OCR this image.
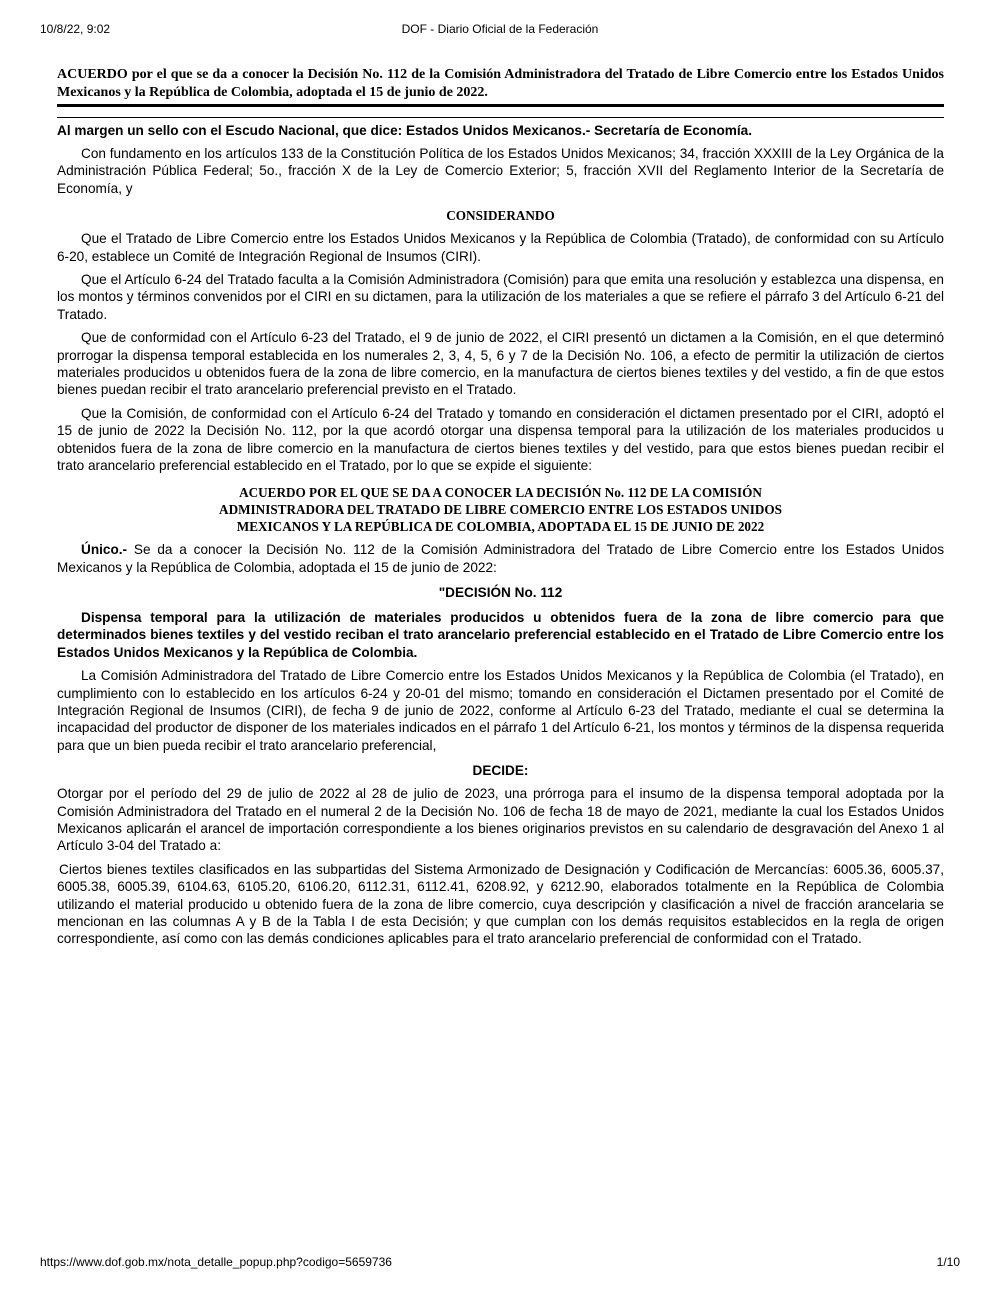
10/8/22, 9:02	DOF - Diario Oficial de la Federación
ACUERDO por el que se da a conocer la Decisión No. 112 de la Comisión Administradora del Tratado de Libre Comercio entre los Estados Unidos Mexicanos y la República de Colombia, adoptada el 15 de junio de 2022.
Al margen un sello con el Escudo Nacional, que dice: Estados Unidos Mexicanos.- Secretaría de Economía.

Con fundamento en los artículos 133 de la Constitución Política de los Estados Unidos Mexicanos; 34, fracción XXXIII de la Ley Orgánica de la Administración Pública Federal; 5o., fracción X de la Ley de Comercio Exterior; 5, fracción XVII del Reglamento Interior de la Secretaría de Economía, y

CONSIDERANDO

Que el Tratado de Libre Comercio entre los Estados Unidos Mexicanos y la República de Colombia (Tratado), de conformidad con su Artículo 6-20, establece un Comité de Integración Regional de Insumos (CIRI).

Que el Artículo 6-24 del Tratado faculta a la Comisión Administradora (Comisión) para que emita una resolución y establezca una dispensa, en los montos y términos convenidos por el CIRI en su dictamen, para la utilización de los materiales a que se refiere el párrafo 3 del Artículo 6-21 del Tratado.

Que de conformidad con el Artículo 6-23 del Tratado, el 9 de junio de 2022, el CIRI presentó un dictamen a la Comisión, en el que determinó prorrogar la dispensa temporal establecida en los numerales 2, 3, 4, 5, 6 y 7 de la Decisión No. 106, a efecto de permitir la utilización de ciertos materiales producidos u obtenidos fuera de la zona de libre comercio, en la manufactura de ciertos bienes textiles y del vestido, a fin de que estos bienes puedan recibir el trato arancelario preferencial previsto en el Tratado.

Que la Comisión, de conformidad con el Artículo 6-24 del Tratado y tomando en consideración el dictamen presentado por el CIRI, adoptó el 15 de junio de 2022 la Decisión No. 112, por la que acordó otorgar una dispensa temporal para la utilización de los materiales producidos u obtenidos fuera de la zona de libre comercio en la manufactura de ciertos bienes textiles y del vestido, para que estos bienes puedan recibir el trato arancelario preferencial establecido en el Tratado, por lo que se expide el siguiente:

ACUERDO POR EL QUE SE DA A CONOCER LA DECISIÓN No. 112 DE LA COMISIÓN
ADMINISTRADORA DEL TRATADO DE LIBRE COMERCIO ENTRE LOS ESTADOS UNIDOS
MEXICANOS Y LA REPÚBLICA DE COLOMBIA, ADOPTADA EL 15 DE JUNIO DE 2022

Único.- Se da a conocer la Decisión No. 112 de la Comisión Administradora del Tratado de Libre Comercio entre los Estados Unidos Mexicanos y la República de Colombia, adoptada el 15 de junio de 2022:

"DECISIÓN No. 112

Dispensa temporal para la utilización de materiales producidos u obtenidos fuera de la zona de libre comercio para que determinados bienes textiles y del vestido reciban el trato arancelario preferencial establecido en el Tratado de Libre Comercio entre los Estados Unidos Mexicanos y la República de Colombia.

La Comisión Administradora del Tratado de Libre Comercio entre los Estados Unidos Mexicanos y la República de Colombia (el Tratado), en cumplimiento con lo establecido en los artículos 6-24 y 20-01 del mismo; tomando en consideración el Dictamen presentado por el Comité de Integración Regional de Insumos (CIRI), de fecha 9 de junio de 2022, conforme al Artículo 6-23 del Tratado, mediante el cual se determina la incapacidad del productor de disponer de los materiales indicados en el párrafo 1 del Artículo 6-21, los montos y términos de la dispensa requerida para que un bien pueda recibir el trato arancelario preferencial,

DECIDE:

Otorgar por el período del 29 de julio de 2022 al 28 de julio de 2023, una prórroga para el insumo de la dispensa temporal adoptada por la Comisión Administradora del Tratado en el numeral 2 de la Decisión No. 106 de fecha 18 de mayo de 2021, mediante la cual los Estados Unidos Mexicanos aplicarán el arancel de importación correspondiente a los bienes originarios previstos en su calendario de desgravación del Anexo 1 al Artículo 3-04 del Tratado a:

Ciertos bienes textiles clasificados en las subpartidas del Sistema Armonizado de Designación y Codificación de Mercancías: 6005.36, 6005.37, 6005.38, 6005.39, 6104.63, 6105.20, 6106.20, 6112.31, 6112.41, 6208.92, y 6212.90, elaborados totalmente en la República de Colombia utilizando el material producido u obtenido fuera de la zona de libre comercio, cuya descripción y clasificación a nivel de fracción arancelaria se mencionan en las columnas A y B de la Tabla I de esta Decisión; y que cumplan con los demás requisitos establecidos en la regla de origen correspondiente, así como con las demás condiciones aplicables para el trato arancelario preferencial de conformidad con el Tratado.

https://www.dof.gob.mx/nota_detalle_popup.php?codigo=5659736	1/10
